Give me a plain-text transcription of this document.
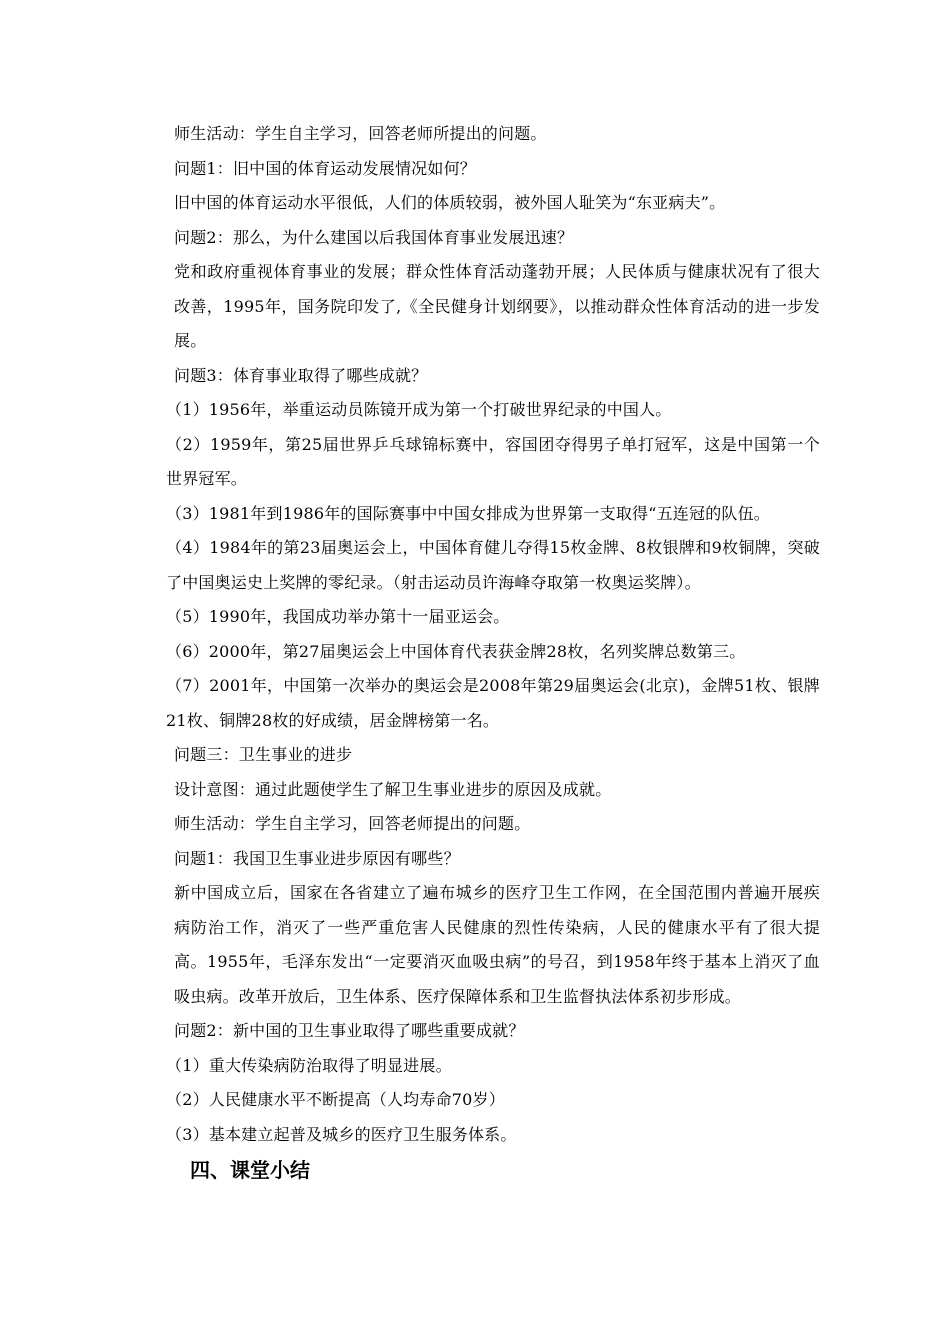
师生活动：学生自主学习，回答老师所提出的问题。
问题1：旧中国的体育运动发展情况如何？
旧中国的体育运动水平很低，人们的体质较弱，被外国人耻笑为“东亚病夫”。
问题2：那么，为什么建国以后我国体育事业发展迅速？
党和政府重视体育事业的发展；群众性体育活动蓬勃开展；人民体质与健康状况有了很大改善，1995年，国务院印发了,《全民健身计划纲要》，以推动群众性体育活动的进一步发展。
问题3：体育事业取得了哪些成就？
（1）1956年，举重运动员陈镜开成为第一个打破世界纪录的中国人。
（2）1959年，第25届世界乒乓球锦标赛中，容国团夺得男子单打冠军，这是中国第一个世界冠军。
（3）1981年到1986年的国际赛事中中国女排成为世界第一支取得“五连冠的队伍。
（4）1984年的第23届奥运会上，中国体育健儿夺得15枚金牌、8枚银牌和9枚铜牌，突破了中国奥运史上奖牌的零纪录。（射击运动员许海峰夺取第一枚奥运奖牌）。
（5）1990年，我国成功举办第十一届亚运会。
（6）2000年，第27届奥运会上中国体育代表获金牌28枚，名列奖牌总数第三。
（7）2001年，中国第一次举办的奥运会是2008年第29届奥运会(北京)，金牌51枚、银牌21枚、铜牌28枚的好成绩，居金牌榜第一名。
问题三：卫生事业的进步
设计意图：通过此题使学生了解卫生事业进步的原因及成就。
师生活动：学生自主学习，回答老师提出的问题。
问题1：我国卫生事业进步原因有哪些？
新中国成立后，国家在各省建立了遍布城乡的医疗卫生工作网，在全国范围内普遍开展疾病防治工作，消灭了一些严重危害人民健康的烈性传染病，人民的健康水平有了很大提高。1955年，毛泽东发出“一定要消灭血吸虫病”的号召，到1958年终于基本上消灭了血吸虫病。改革开放后，卫生体系、医疗保障体系和卫生监督执法体系初步形成。
问题2：新中国的卫生事业取得了哪些重要成就？
（1）重大传染病防治取得了明显进展。
（2）人民健康水平不断提高（人均寿命70岁）
（3）基本建立起普及城乡的医疗卫生服务体系。
四、课堂小结
